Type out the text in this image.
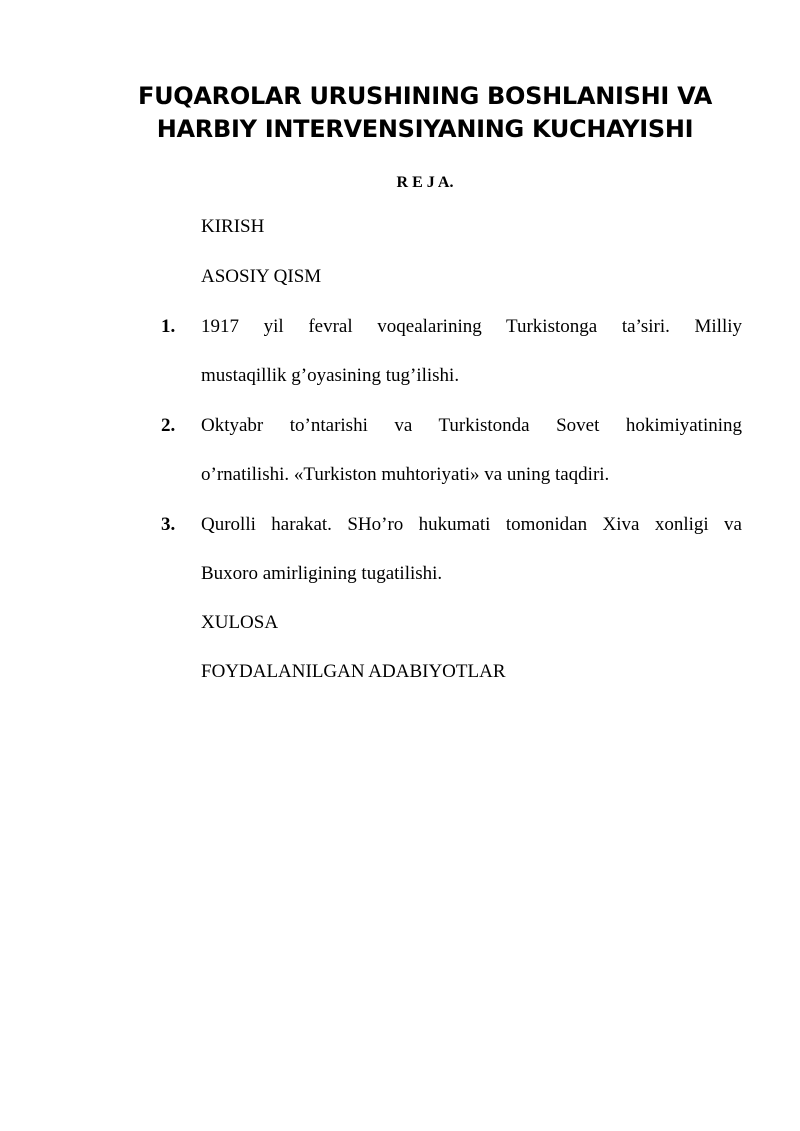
FUQAROLAR URUSHINING BOSHLANISHI VA
HARBIY INTERVENSIYANING KUCHAYISHI
R E J A.
KIRISH
ASOSIY QISM
1. 1917 yil fevral voqealarining Turkistonga ta’siri. Milliy
mustaqillik g’oyasining tug’ilishi.
2. Oktyabr to’ntarishi va Turkistonda Sovet hokimiyatining
o’rnatilishi. «Turkiston muhtoriyati» va uning taqdiri.
3. Qurolli harakat. SHo’ro hukumati tomonidan Xiva xonligi va
Buxoro amirligining tugatilishi.
XULOSA
FOYDALANILGAN ADABIYOTLAR
